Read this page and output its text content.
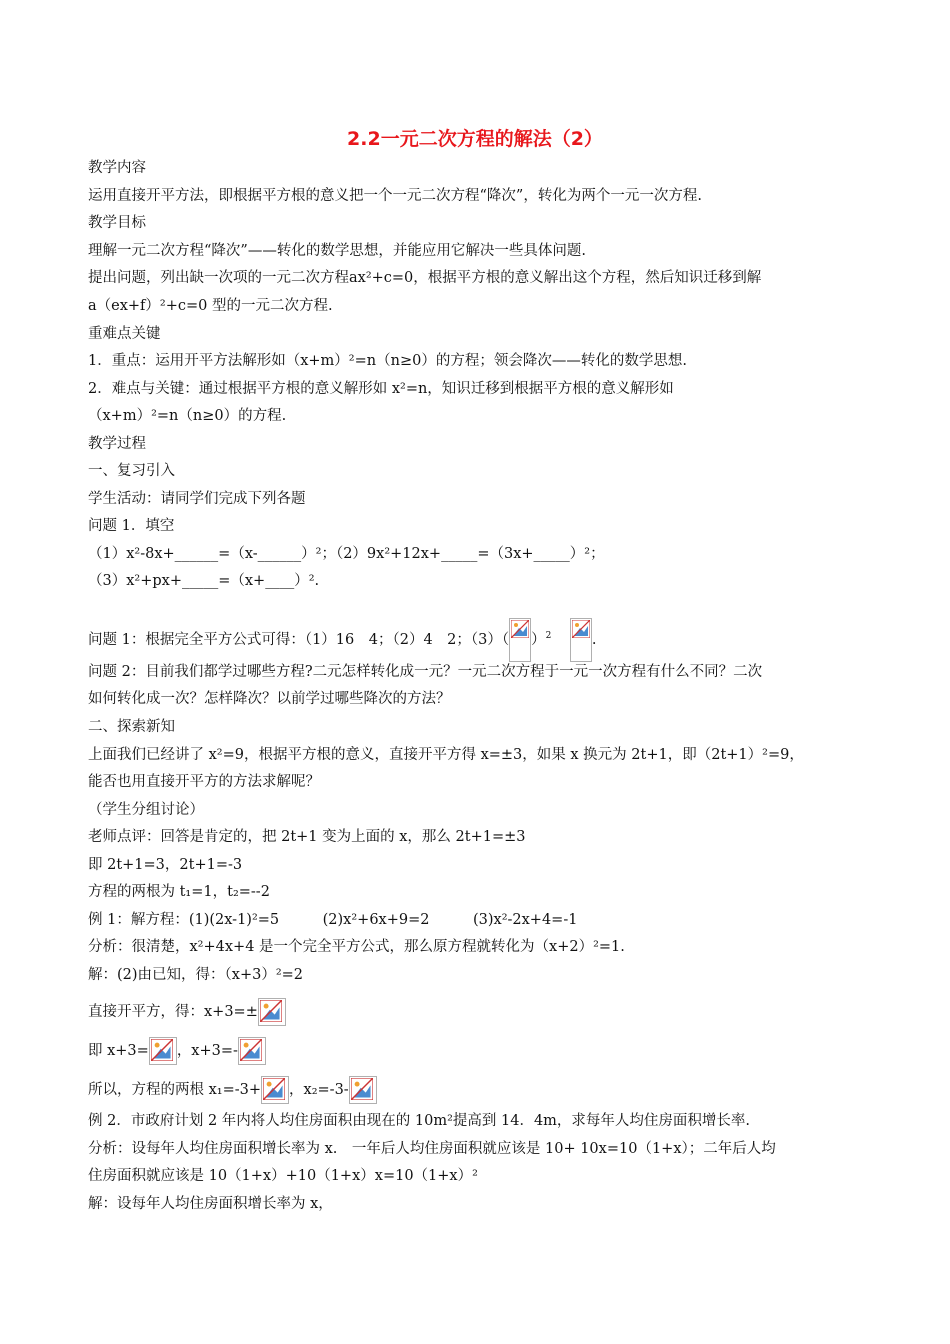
2.2一元二次方程的解法（2）
教学内容
运用直接开平方法，即根据平方根的意义把一个一元二次方程“降次”，转化为两个一元一次方程.
教学目标
理解一元二次方程“降次”——转化的数学思想，并能应用它解决一些具体问题.
提出问题，列出缺一次项的一元二次方程ax²+c=0，根据平方根的意义解出这个方程，然后知识迁移到解
a（ex+f）²+c=0 型的一元二次方程.
重难点关键
1．重点：运用开平方法解形如（x+m）²=n（n≥0）的方程；领会降次——转化的数学思想.
2．难点与关键：通过根据平方根的意义解形如 x²=n，知识迁移到根据平方根的意义解形如
（x+m）²=n（n≥0）的方程.
教学过程
一、复习引入
学生活动：请同学们完成下列各题
问题 1．填空
（1）x²-8x+______=（x-______）²；（2）9x²+12x+_____=（3x+_____）²；
（3）x²+px+_____=（x+____）².
问题 1：根据完全平方公式可得：（1）16　4；（2）4　2；（3）（ ）$^2$	.
问题 2：目前我们都学过哪些方程?二元怎样转化成一元？一元二次方程于一元一次方程有什么不同？二次
如何转化成一次？怎样降次？以前学过哪些降次的方法？
二、探索新知
上面我们已经讲了 x²=9，根据平方根的意义，直接开平方得 x=±3，如果 x 换元为 2t+1，即（2t+1）²=9，
能否也用直接开平方的方法求解呢？
（学生分组讨论）
老师点评：回答是肯定的，把 2t+1 变为上面的 x，那么 2t+1=±3
即 2t+1=3，2t+1=-3
方程的两根为 t₁=1，t₂=--2
例 1：解方程：(1)(2x-1)²=5　　　(2)x²+6x+9=2　　　(3)x²-2x+4=-1
分析：很清楚，x²+4x+4 是一个完全平方公式，那么原方程就转化为（x+2）²=1.
解：(2)由已知，得：（x+3）²=2
直接开平方，得：x+3=±
即 x+3= ，x+3=-
所以，方程的两根 x₁=-3+ ，x₂=-3-
例 2．市政府计划 2 年内将人均住房面积由现在的 10m²提高到 14．4m，求每年人均住房面积增长率.
分析：设每年人均住房面积增长率为 x.　一年后人均住房面积就应该是 10+ 10x=10（1+x）；二年后人均
住房面积就应该是 10（1+x）+10（1+x）x=10（1+x）²
解：设每年人均住房面积增长率为 x，
